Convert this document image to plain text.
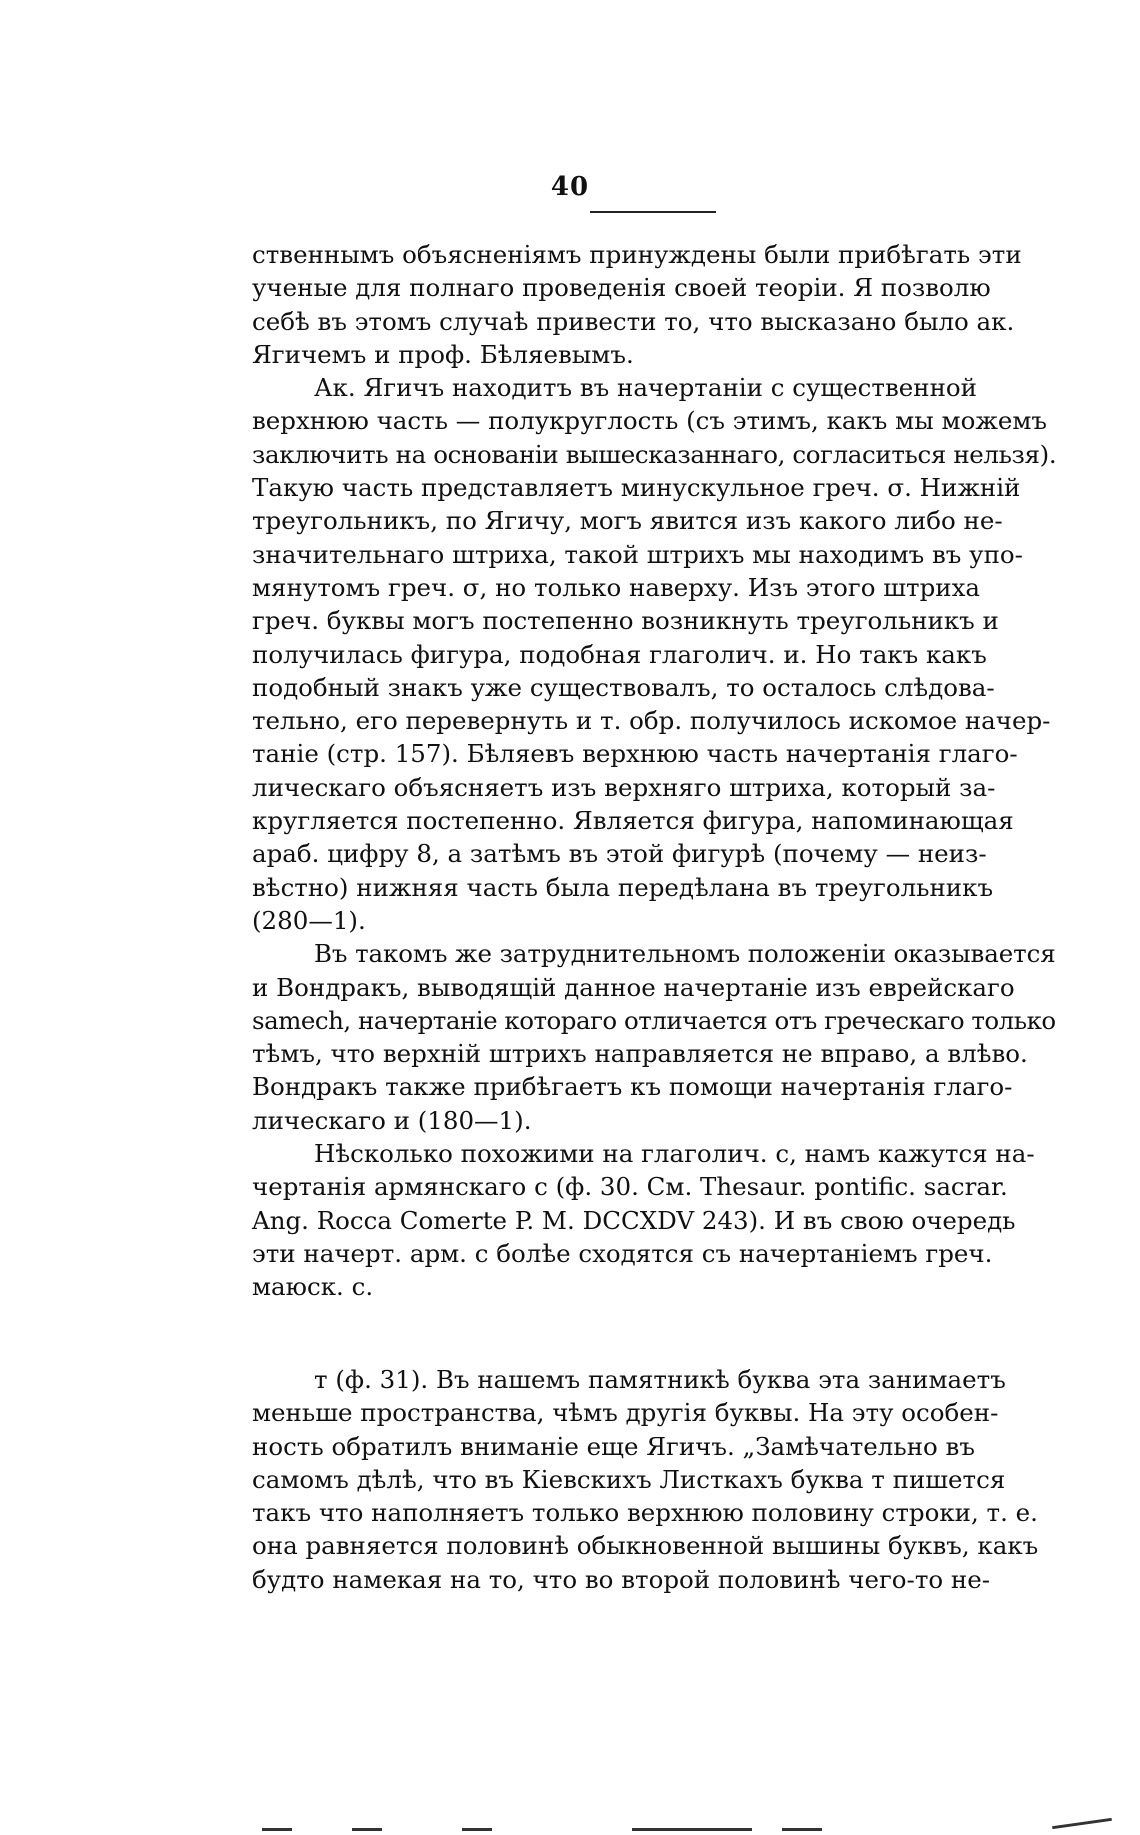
40
ственнымъ объясненіямъ принуждены были прибѣгать эти
ученые для полнаго проведенія своей теоріи. Я позволю
себѣ въ этомъ случаѣ привести то, что высказано было ак.
Ягичемъ и проф. Бѣляевымъ.
Ак. Ягичъ находитъ въ начертаніи с существенной
верхнюю часть — полукруглость (съ этимъ, какъ мы можемъ
заключить на основаніи вышесказаннаго, согласиться нельзя).
Такую часть представляетъ минускульное греч. σ. Нижній
треугольникъ, по Ягичу, могъ явится изъ какого либо не-
значительнаго штриха, такой штрихъ мы находимъ въ упо-
мянутомъ греч. σ, но только наверху. Изъ этого штриха
греч. буквы могъ постепенно возникнуть треугольникъ и
получилась фигура, подобная глаголич. и. Но такъ какъ
подобный знакъ уже существовалъ, то осталось слѣдова-
тельно, его перевернуть и т. обр. получилось искомое начер-
таніе (стр. 157). Бѣляевъ верхнюю часть начертанія глаго-
лическаго объясняетъ изъ верхняго штриха, который за-
кругляется постепенно. Является фигура, напоминающая
араб. цифру 8, а затѣмъ въ этой фигурѣ (почему — неиз-
вѣстно) нижняя часть была передѣлана въ треугольникъ
(280—1).
Въ такомъ же затруднительномъ положеніи оказывается
и Вондракъ, выводящій данное начертаніе изъ еврейскаго
samech, начертаніе котораго отличается отъ греческаго только
тѣмъ, что верхній штрихъ направляется не вправо, а влѣво.
Вондракъ также прибѣгаетъ къ помощи начертанія глаго-
лическаго и (180—1).
Нѣсколько похожими на глаголич. с, намъ кажутся на-
чертанія армянскаго с (ф. 30. См. Thesaur. pontific. sacrar.
Ang. Rocca Comerte P. M. DCCXDV 243). И въ свою очередь
эти начерт. арм. с болѣе сходятся съ начертаніемъ греч.
маюск. с.
т (ф. 31). Въ нашемъ памятникѣ буква эта занимаетъ
меньше пространства, чѣмъ другія буквы. На эту особен-
ность обратилъ вниманіе еще Ягичъ. „Замѣчательно въ
самомъ дѣлѣ, что въ Кіевскихъ Листкахъ буква т пишется
такъ что наполняетъ только верхнюю половину строки, т. е.
она равняется половинѣ обыкновенной вышины буквъ, какъ
будто намекая на то, что во второй половинѣ чего-то не-
